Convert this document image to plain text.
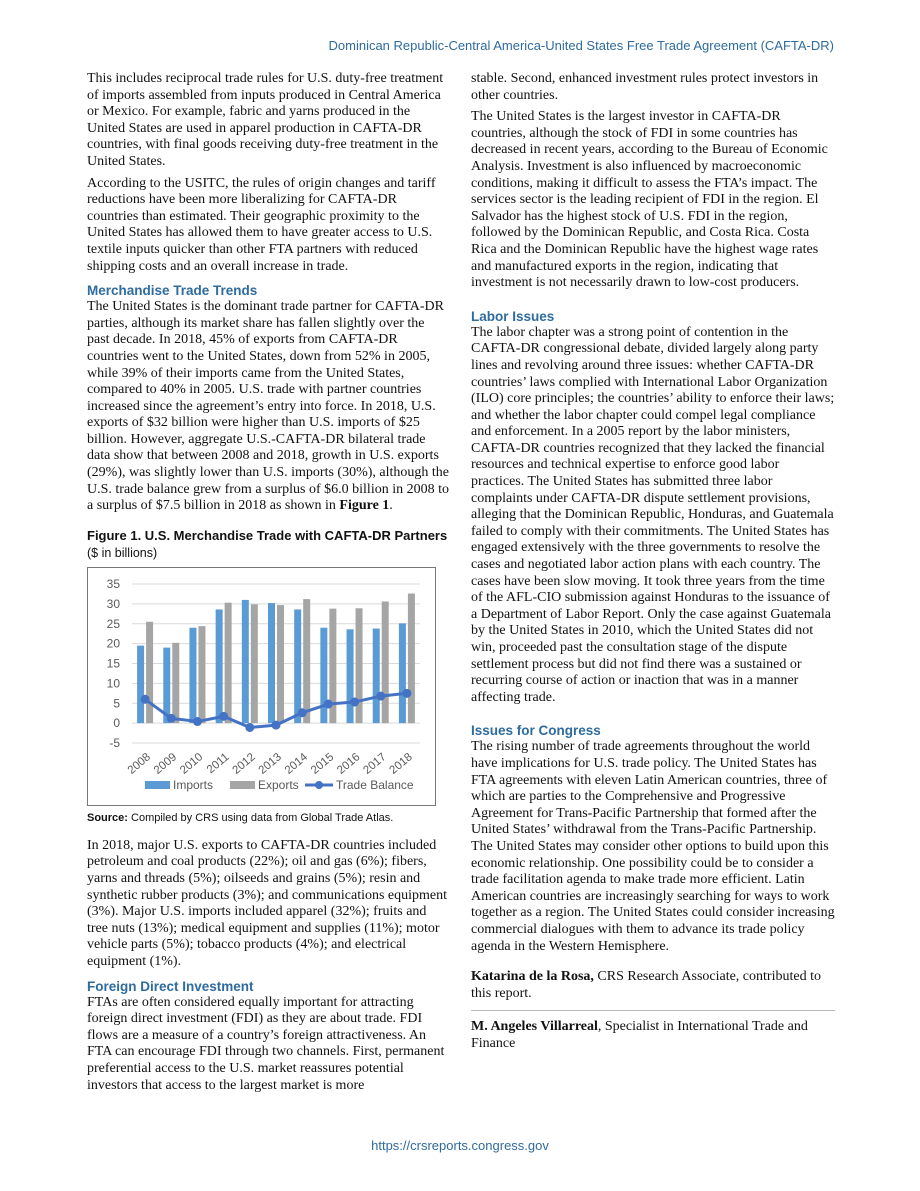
Dominican Republic-Central America-United States Free Trade Agreement (CAFTA-DR)

This includes reciprocal trade rules for U.S. duty-free treatment of imports assembled from inputs produced in Central America or Mexico. For example, fabric and yarns produced in the United States are used in apparel production in CAFTA-DR countries, with final goods receiving duty-free treatment in the United States.

According to the USITC, the rules of origin changes and tariff reductions have been more liberalizing for CAFTA-DR countries than estimated. Their geographic proximity to the United States has allowed them to have greater access to U.S. textile inputs quicker than other FTA partners with reduced shipping costs and an overall increase in trade.

Merchandise Trade Trends

The United States is the dominant trade partner for CAFTA-DR parties, although its market share has fallen slightly over the past decade. In 2018, 45% of exports from CAFTA-DR countries went to the United States, down from 52% in 2005, while 39% of their imports came from the United States, compared to 40% in 2005. U.S. trade with partner countries increased since the agreement’s entry into force. In 2018, U.S. exports of $32 billion were higher than U.S. imports of $25 billion. However, aggregate U.S.-CAFTA-DR bilateral trade data show that between 2008 and 2018, growth in U.S. exports (29%), was slightly lower than U.S. imports (30%), although the U.S. trade balance grew from a surplus of $6.0 billion in 2008 to a surplus of $7.5 billion in 2018 as shown in Figure 1.

Figure 1. U.S. Merchandise Trade with CAFTA-DR Partners
($ in billions)
-5
0
5
10
15
20
25
30
35
2008
2009
2010 2011
2012
2013
2014
2015
2016
2017
2018
Imports	Exports	Trade Balance
Source: Compiled by CRS using data from Global Trade Atlas.

In 2018, major U.S. exports to CAFTA-DR countries included petroleum and coal products (22%); oil and gas (6%); fibers, yarns and threads (5%); oilseeds and grains (5%); resin and synthetic rubber products (3%); and communications equipment (3%). Major U.S. imports included apparel (32%); fruits and tree nuts (13%); medical equipment and supplies (11%); motor vehicle parts (5%); tobacco products (4%); and electrical equipment (1%).

Foreign Direct Investment

FTAs are often considered equally important for attracting foreign direct investment (FDI) as they are about trade. FDI flows are a measure of a country’s foreign attractiveness. An FTA can encourage FDI through two channels. First, permanent preferential access to the U.S. market reassures potential investors that access to the largest market is more

stable. Second, enhanced investment rules protect investors in other countries.

The United States is the largest investor in CAFTA-DR countries, although the stock of FDI in some countries has decreased in recent years, according to the Bureau of Economic Analysis. Investment is also influenced by macroeconomic conditions, making it difficult to assess the FTA’s impact. The services sector is the leading recipient of FDI in the region. El Salvador has the highest stock of U.S. FDI in the region, followed by the Dominican Republic, and Costa Rica. Costa Rica and the Dominican Republic have the highest wage rates and manufactured exports in the region, indicating that investment is not necessarily drawn to low-cost producers.

Labor Issues

The labor chapter was a strong point of contention in the CAFTA-DR congressional debate, divided largely along party lines and revolving around three issues: whether CAFTA-DR countries’ laws complied with International Labor Organization (ILO) core principles; the countries’ ability to enforce their laws; and whether the labor chapter could compel legal compliance and enforcement. In a 2005 report by the labor ministers, CAFTA-DR countries recognized that they lacked the financial resources and technical expertise to enforce good labor practices. The United States has submitted three labor complaints under CAFTA-DR dispute settlement provisions, alleging that the Dominican Republic, Honduras, and Guatemala failed to comply with their commitments. The United States has engaged extensively with the three governments to resolve the cases and negotiated labor action plans with each country. The cases have been slow moving. It took three years from the time of the AFL-CIO submission against Honduras to the issuance of a Department of Labor Report. Only the case against Guatemala by the United States in 2010, which the United States did not win, proceeded past the consultation stage of the dispute settlement process but did not find there was a sustained or recurring course of action or inaction that was in a manner affecting trade.

Issues for Congress

The rising number of trade agreements throughout the world have implications for U.S. trade policy. The United States has FTA agreements with eleven Latin American countries, three of which are parties to the Comprehensive and Progressive Agreement for Trans-Pacific Partnership that formed after the United States’ withdrawal from the Trans-Pacific Partnership. The United States may consider other options to build upon this economic relationship. One possibility could be to consider a trade facilitation agenda to make trade more efficient. Latin American countries are increasingly searching for ways to work together as a region. The United States could consider increasing commercial dialogues with them to advance its trade policy agenda in the Western Hemisphere.

Katarina de la Rosa, CRS Research Associate, contributed to this report.

M. Angeles Villarreal, Specialist in International Trade and Finance

https://crsreports.congress.gov
